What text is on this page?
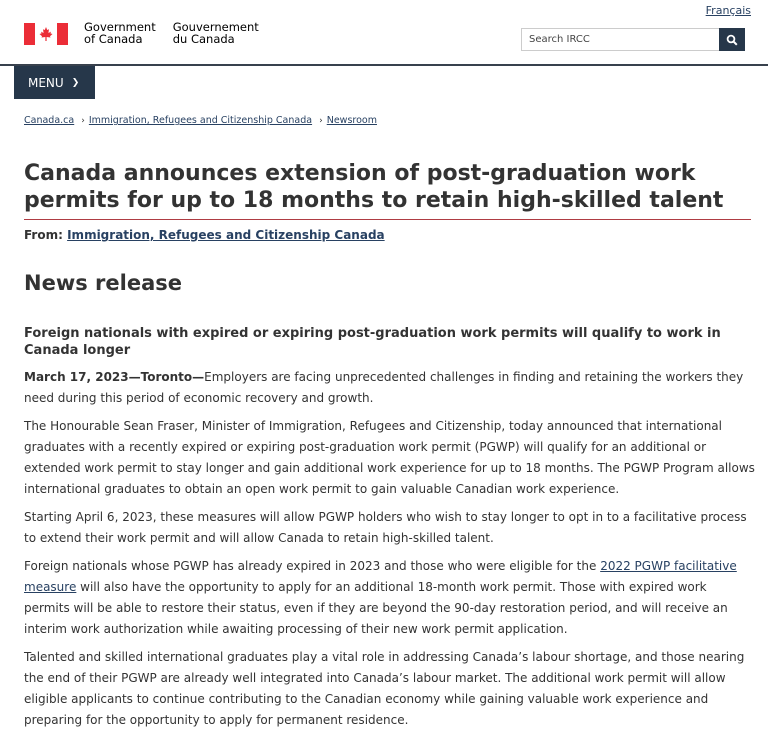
Français
Government
of Canada
Gouvernement
du Canada
Search IRCC
MENU ❯
Canada.ca › Immigration, Refugees and Citizenship Canada › Newsroom
Canada announces extension of post-graduation work permits for up to 18 months to retain high-skilled talent
From: Immigration, Refugees and Citizenship Canada
News release
Foreign nationals with expired or expiring post-graduation work permits will qualify to work in Canada longer

March 17, 2023—Toronto—Employers are facing unprecedented challenges in finding and retaining the workers they need during this period of economic recovery and growth.

The Honourable Sean Fraser, Minister of Immigration, Refugees and Citizenship, today announced that international graduates with a recently expired or expiring post-graduation work permit (PGWP) will qualify for an additional or extended work permit to stay longer and gain additional work experience for up to 18 months. The PGWP Program allows international graduates to obtain an open work permit to gain valuable Canadian work experience.

Starting April 6, 2023, these measures will allow PGWP holders who wish to stay longer to opt in to a facilitative process to extend their work permit and will allow Canada to retain high-skilled talent.

Foreign nationals whose PGWP has already expired in 2023 and those who were eligible for the 2022 PGWP facilitative measure will also have the opportunity to apply for an additional 18-month work permit. Those with expired work permits will be able to restore their status, even if they are beyond the 90-day restoration period, and will receive an interim work authorization while awaiting processing of their new work permit application.

Talented and skilled international graduates play a vital role in addressing Canada’s labour shortage, and those nearing the end of their PGWP are already well integrated into Canada’s labour market. The additional work permit will allow eligible applicants to continue contributing to the Canadian economy while gaining valuable work experience and preparing for the opportunity to apply for permanent residence.
